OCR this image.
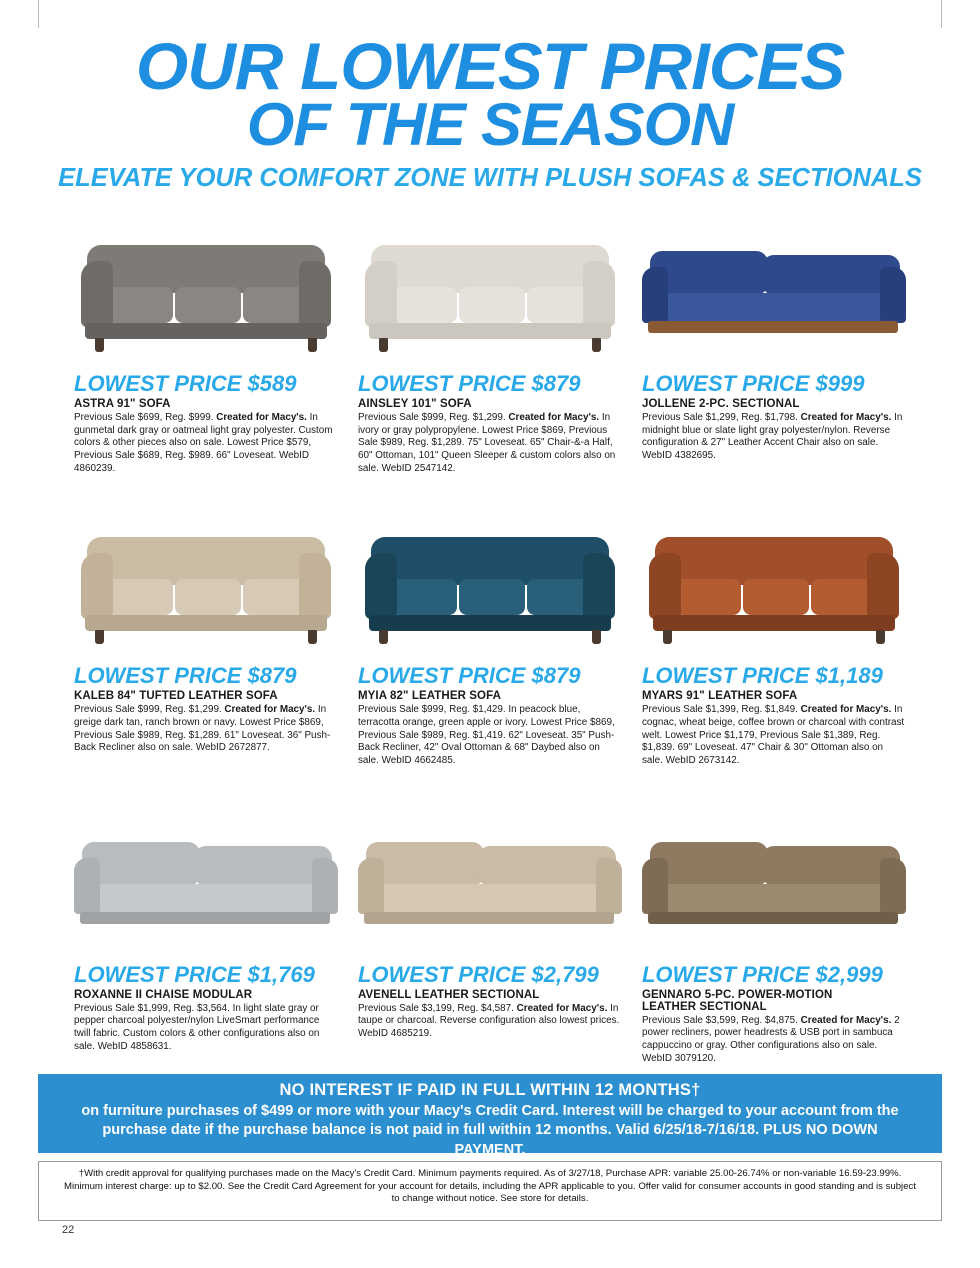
OUR LOWEST PRICES
OF THE SEASON
ELEVATE YOUR COMFORT ZONE WITH PLUSH SOFAS & SECTIONALS
LOWEST PRICE $589
ASTRA 91" SOFA
Previous Sale $699, Reg. $999. Created for Macy's. In gunmetal dark gray or oatmeal light gray polyester. Custom colors & other pieces also on sale. Lowest Price $579, Previous Sale $689, Reg. $989. 66" Loveseat. WebID 4860239.
LOWEST PRICE $879
AINSLEY 101" SOFA
Previous Sale $999, Reg. $1,299. Created for Macy's. In ivory or gray polypropylene. Lowest Price $869, Previous Sale $989, Reg. $1,289. 75" Loveseat. 65" Chair-&-a Half, 60" Ottoman, 101" Queen Sleeper & custom colors also on sale. WebID 2547142.
LOWEST PRICE $999
JOLLENE 2-PC. SECTIONAL
Previous Sale $1,299, Reg. $1,798. Created for Macy's. In midnight blue or slate light gray polyester/nylon. Reverse configuration & 27" Leather Accent Chair also on sale. WebID 4382695.
LOWEST PRICE $879
KALEB 84" TUFTED LEATHER SOFA
Previous Sale $999, Reg. $1,299. Created for Macy's. In greige dark tan, ranch brown or navy. Lowest Price $869, Previous Sale $989, Reg. $1,289. 61" Loveseat. 36" Push-Back Recliner also on sale. WebID 2672877.
LOWEST PRICE $879
MYIA 82" LEATHER SOFA
Previous Sale $999, Reg. $1,429. In peacock blue, terracotta orange, green apple or ivory. Lowest Price $869, Previous Sale $989, Reg. $1,419. 62" Loveseat. 35" Push-Back Recliner, 42" Oval Ottoman & 68" Daybed also on sale. WebID 4662485.
LOWEST PRICE $1,189
MYARS 91" LEATHER SOFA
Previous Sale $1,399, Reg. $1,849. Created for Macy's. In cognac, wheat beige, coffee brown or charcoal with contrast welt. Lowest Price $1,179, Previous Sale $1,389, Reg. $1,839. 69" Loveseat. 47" Chair & 30" Ottoman also on sale. WebID 2673142.
LOWEST PRICE $1,769
ROXANNE II CHAISE MODULAR
Previous Sale $1,999, Reg. $3,564. In light slate gray or pepper charcoal polyester/nylon LiveSmart performance twill fabric. Custom colors & other configurations also on sale. WebID 4858631.
LOWEST PRICE $2,799
AVENELL LEATHER SECTIONAL
Previous Sale $3,199, Reg. $4,587. Created for Macy's. In taupe or charcoal. Reverse configuration also lowest prices. WebID 4685219.
LOWEST PRICE $2,999
GENNARO 5-PC. POWER-MOTION
LEATHER SECTIONAL
Previous Sale $3,599, Reg. $4,875. Created for Macy's. 2 power recliners, power headrests & USB port in sambuca cappuccino or gray. Other configurations also on sale. WebID 3079120.
NO INTEREST IF PAID IN FULL WITHIN 12 MONTHS†
on furniture purchases of $499 or more with your Macy's Credit Card. Interest will be charged to your account from the purchase date if the purchase balance is not paid in full within 12 months. Valid 6/25/18-7/16/18. PLUS NO DOWN PAYMENT.
†With credit approval for qualifying purchases made on the Macy's Credit Card. Minimum payments required. As of 3/27/18, Purchase APR: variable 25.00-26.74% or non-variable 16.59-23.99%. Minimum interest charge: up to $2.00. See the Credit Card Agreement for your account for details, including the APR applicable to you. Offer valid for consumer accounts in good standing and is subject to change without notice. See store for details.
22
